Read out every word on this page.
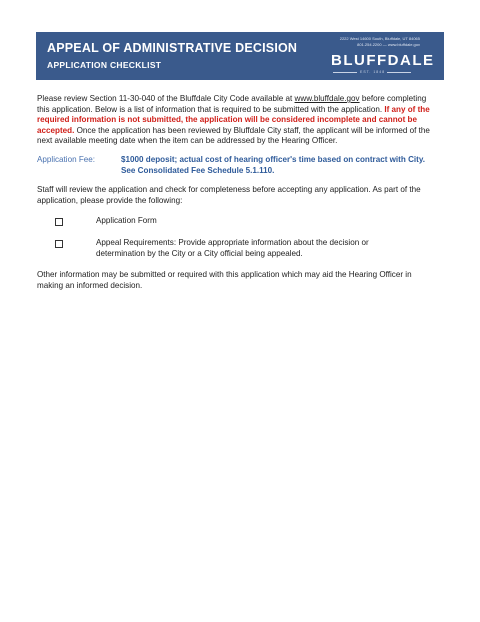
APPEAL OF ADMINISTRATIVE DECISION
APPLICATION CHECKLIST
2222 West 14600 South, Bluffdale, UT 84065
801.254.2200 — www.bluffdale.gov
BLUFFDALE
EST. 1848

Please review Section 11-30-040 of the Bluffdale City Code available at www.bluffdale.gov before completing this application. Below is a list of information that is required to be submitted with the application. If any of the required information is not submitted, the application will be considered incomplete and cannot be accepted. Once the application has been reviewed by Bluffdale City staff, the applicant will be informed of the next available meeting date when the item can be addressed by the Hearing Officer.

Application Fee:	$1000 deposit; actual cost of hearing officer's time based on contract with City.
See Consolidated Fee Schedule 5.1.110.

Staff will review the application and check for completeness before accepting any application. As part of the application, please provide the following:

Application Form
Appeal Requirements: Provide appropriate information about the decision or determination by the City or a City official being appealed.

Other information may be submitted or required with this application which may aid the Hearing Officer in making an informed decision.
